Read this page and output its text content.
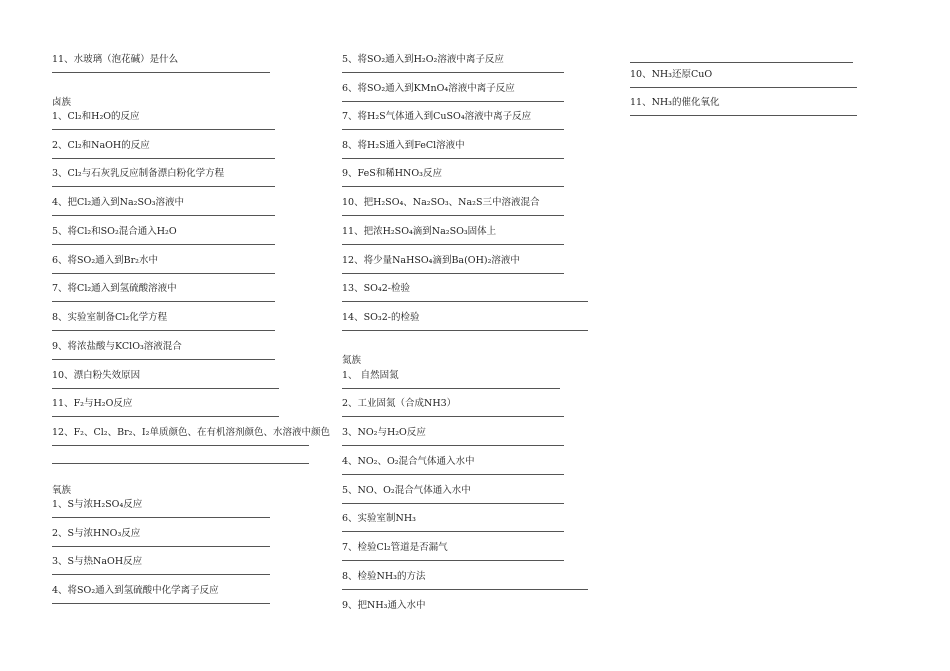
11、水玻璃（泡花碱）是什么
卤族
1、Cl₂和H₂O的反应
2、Cl₂和NaOH的反应
3、Cl₂与石灰乳反应制备漂白粉化学方程
4、把Cl₂通入到Na₂SO₃溶液中
5、将Cl₂和SO₂混合通入H₂O
6、将SO₂通入到Br₂水中
7、将Cl₂通入到氢硫酸溶液中
8、实验室制备Cl₂化学方程
9、将浓盐酸与KClO₃溶液混合
10、漂白粉失效原因
11、F₂与H₂O反应
12、F₂、Cl₂、Br₂、I₂单质颜色、在有机溶剂颜色、水溶液中颜色
氧族
1、S与浓H₂SO₄反应
2、S与浓HNO₃反应
3、S与热NaOH反应
4、将SO₂通入到氢硫酸中化学离子反应
5、将SO₂通入到H₂O₂溶液中离子反应
6、将SO₂通入到KMnO₄溶液中离子反应
7、将H₂S气体通入到CuSO₄溶液中离子反应
8、将H₂S通入到FeCl溶液中
9、FeS和稀HNO₃反应
10、把H₂SO₄、Na₂SO₃、Na₂S三中溶液混合
11、把浓H₂SO₄滴到Na₂SO₃固体上
12、将少量NaHSO₄滴到Ba(OH)₂溶液中
13、SO₄2-检验
14、SO₃2-的检验
氮族
1、 自然固氮
2、工业固氮（合成NH3）
3、NO₂与H₂O反应
4、NO₂、O₂混合气体通入水中
5、NO、O₂混合气体通入水中
6、实验室制NH₃
7、检验Cl₂管道是否漏气
8、检验NH₃的方法
9、把NH₃通入水中
10、NH₃还原CuO
11、NH₃的催化氧化
